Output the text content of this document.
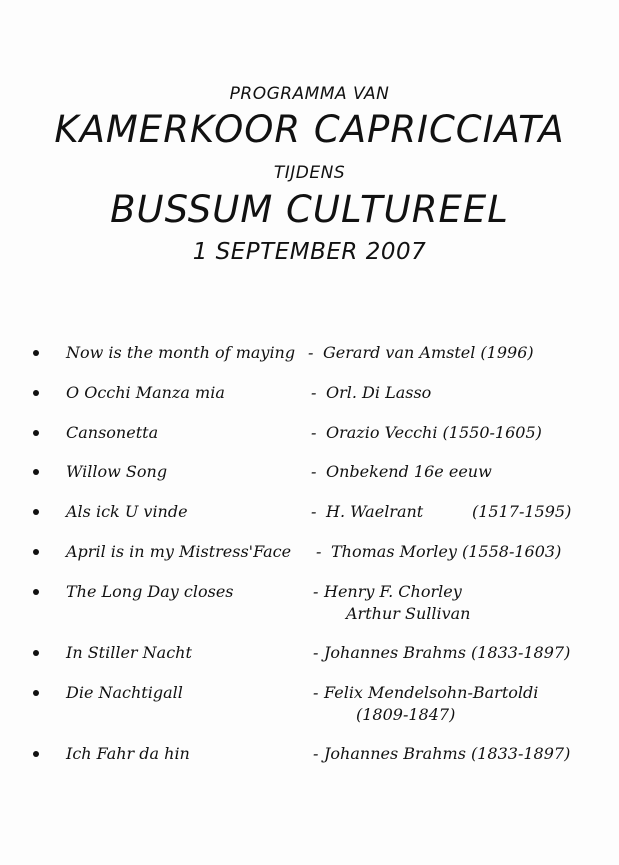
PROGRAMMA VAN
KAMERKOOR CAPRICCIATA
TIJDENS
BUSSUM CULTUREEL
1 SEPTEMBER 2007
Now is the month of maying - Gerard van Amstel (1996)
O Occhi Manza mia	- Orl. Di Lasso
Cansonetta	- Orazio Vecchi (1550-1605)
Willow Song	- Onbekend 16e eeuw
Als ick U vinde	- H. Waelrant	(1517-1595)
April is in my Mistress'Face - Thomas Morley (1558-1603)
The Long Day closes	- Henry F. Chorley
Arthur Sullivan
In Stiller Nacht	- Johannes Brahms (1833-1897)
Die Nachtigall	- Felix Mendelsohn-Bartoldi
(1809-1847)
Ich Fahr da hin	- Johannes Brahms (1833-1897)
